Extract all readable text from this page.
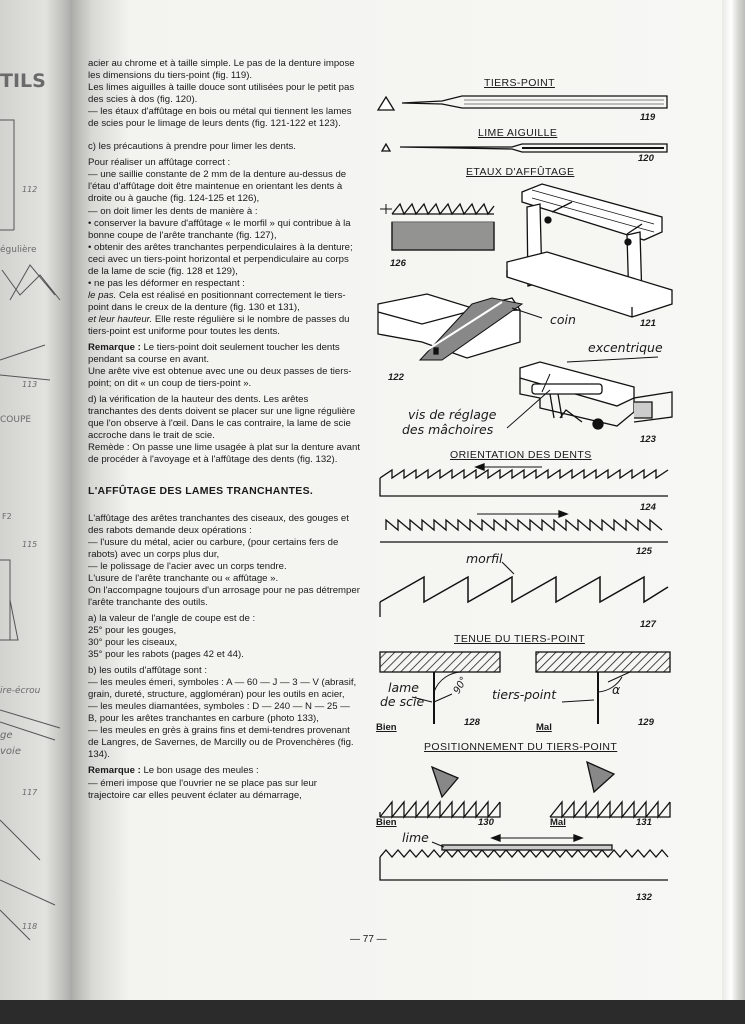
TILS
112
égulière
113
COUPE
F2
115
ire-écrou
ge
voie
117
118

acier au chrome et à taille simple. Le pas de la denture impose les dimensions du tiers-point (fig. 119).

Les limes aiguilles à taille douce sont utilisées pour le petit pas des scies à dos (fig. 120).

— les étaux d'affûtage en bois ou métal qui tiennent les lames de scies pour le limage de leurs dents (fig. 121-122 et 123).

c) les précautions à prendre pour limer les dents.

Pour réaliser un affûtage correct :

— une saillie constante de 2 mm de la denture au-dessus de l'étau d'affûtage doit être maintenue en orientant les dents à droite ou à gauche (fig. 124-125 et 126),

— on doit limer les dents de manière à :

• conserver la bavure d'affûtage « le morfil » qui contribue à la bonne coupe de l'arête tranchante (fig. 127),

• obtenir des arêtes tranchantes perpendiculaires à la denture; ceci avec un tiers-point horizontal et perpendiculaire au corps de la lame de scie (fig. 128 et 129),

• ne pas les déformer en respectant :

le pas. Cela est réalisé en positionnant correctement le tiers-point dans le creux de la denture (fig. 130 et 131),

et leur hauteur. Elle reste régulière si le nombre de passes du tiers-point est uniforme pour toutes les dents.

Remarque : Le tiers-point doit seulement toucher les dents pendant sa course en avant.

Une arête vive est obtenue avec une ou deux passes de tiers-point; on dit « un coup de tiers-point ».

d) la vérification de la hauteur des dents. Les arêtes tranchantes des dents doivent se placer sur une ligne régulière que l'on observe à l'œil. Dans le cas contraire, la lame de scie accroche dans le trait de scie.

Remède : On passe une lime usagée à plat sur la denture avant de procéder à l'avoyage et à l'affûtage des dents (fig. 132).

L'AFFÛTAGE DES LAMES TRANCHANTES.

L'affûtage des arêtes tranchantes des ciseaux, des gouges et des rabots demande deux opérations :

— l'usure du métal, acier ou carbure, (pour certains fers de rabots) avec un corps plus dur,

— le polissage de l'acier avec un corps tendre.

L'usure de l'arête tranchante ou « affûtage ».

On l'accompagne toujours d'un arrosage pour ne pas détremper l'arête tranchante des outils.

a) la valeur de l'angle de coupe est de :

25° pour les gouges,

30° pour les ciseaux,

35° pour les rabots (pages 42 et 44).

b) les outils d'affûtage sont :

— les meules émeri, symboles : A — 60 — J — 3 — V (abrasif, grain, dureté, structure, aggloméran) pour les outils en acier,

— les meules diamantées, symboles : D — 240 — N — 25 — B, pour les arêtes tranchantes en carbure (photo 133),

— les meules en grès à grains fins et demi-tendres provenant de Langres, de Savernes, de Marcilly ou de Provenchères (fig. 134).

Remarque : Le bon usage des meules :

— émeri impose que l'ouvrier ne se place pas sur leur trajectoire car elles peuvent éclater au démarrage,

TIERS-POINT
119
LIME AIGUILLE
120
ETAUX D'AFFÛTAGE
126
121
coin
excentrique
122
vis de réglage
des mâchoires
123
ORIENTATION DES DENTS
124
125
morfil
127
TENUE DU TIERS-POINT
lame
de scie
90° tiers-point	α
128	129
Bien	Mal
POSITIONNEMENT DU TIERS-POINT
Bien	130	Mal	131
lime
132
— 77 —
